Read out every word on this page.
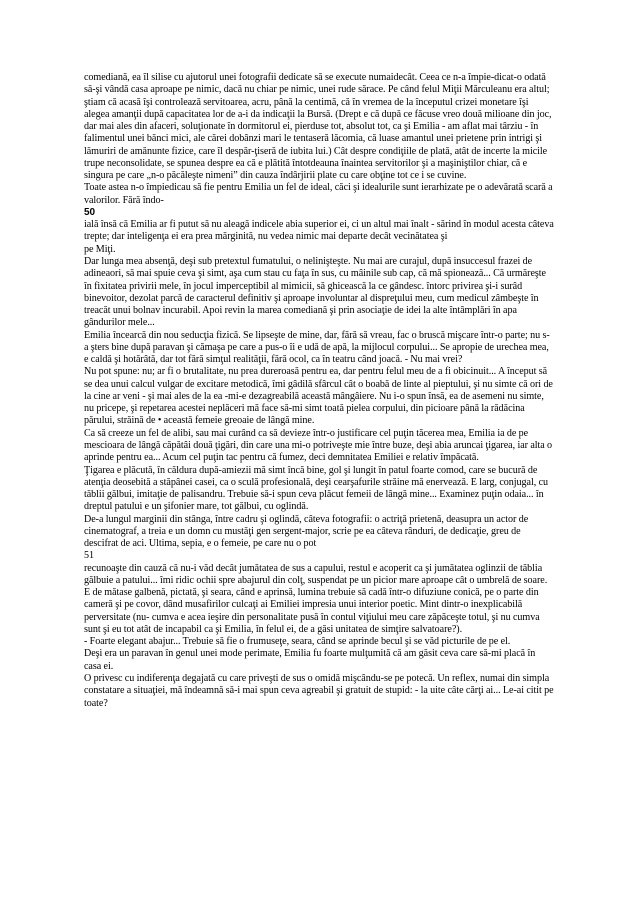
comediană, ea îl silise cu ajutorul unei fotografii dedicate să se execute numaidecât. Ceea ce n-a împie-dicat-o odată să-şi vândă casa aproape pe nimic, dacă nu chiar pe nimic, unei rude sărace. Pe când felul Miţii Mărculeanu era altul; ştiam că acasă îşi controlează servitoarea, acru, până la centimă, că în vremea de la începutul crizei monetare îşi alegea amanţii după capacitatea lor de a-i da indicaţii la Bursă. (Drept e că după ce făcuse vreo două milioane din joc, dar mai ales din afaceri, soluţionate în dormitorul ei, pierduse tot, absolut tot, ca şi Emilia - am aflat mai târziu - în falimentul unei bănci mici, ale cărei dobânzi mari le tentaseră lăcomia, că luase amantul unei prietene prin intrigi şi lămuriri de amănunte fizice, care îl despăr-ţiseră de iubita lui.) Cât despre condiţiile de plată, atât de incerte la micile trupe neconsolidate, se spunea despre ea că e plătită întotdeauna înaintea servitorilor şi a maşiniştilor chiar, că e singura pe care „n-o păcăleşte nimeni” din cauza îndârjirii plate cu care obţine tot ce i se cuvine.

Toate astea n-o împiedicau să fie pentru Emilia un fel de ideal, căci şi idealurile sunt ierarhizate pe o adevărată scară a valorilor. Fără îndo-

50

ială însă că Emilia ar fi putut să nu aleagă indicele abia superior ei, ci un altul mai înalt - sărind în modul acesta câteva trepte; dar inteligenţa ei era prea mărginită, nu vedea nimic mai departe decât vecinătatea şi

pe Miţi.

Dar lunga mea absenţă, deşi sub pretextul fumatului, o nelinişteşte. Nu mai are curajul, după insuccesul frazei de adineaori, să mai spuie ceva şi simt, aşa cum stau cu faţa în sus, cu mâinile sub cap, că mă spionează... Că urmăreşte în fixitatea privirii mele, în jocul imperceptibil al mimicii, să ghicească la ce gândesc. întorc privirea şi-i surâd binevoitor, dezolat parcă de caracterul definitiv şi aproape involuntar al dispreţului meu, cum medicul zâmbeşte în treacăt unui bolnav incurabil. Apoi revin la marea comediană şi prin asociaţie de idei la alte întâmplări în apa gândurilor mele...

Emilia încearcă din nou seducţia fizică. Se lipseşte de mine, dar, fără să vreau, fac o bruscă mişcare într-o parte; nu s-a şters bine după paravan şi cămaşa pe care a pus-o îi e udă de apă, la mijlocul corpului... Se apropie de urechea mea, e caldă şi hotărâtă, dar tot fără simţul realităţii, fără ocol, ca în teatru când joacă. - Nu mai vrei?

Nu pot spune: nu; ar fi o brutalitate, nu prea dureroasă pentru ea, dar pentru felul meu de a fi obicinuit... A început să se dea unui calcul vulgar de excitare metodică, îmi gâdilă sfârcul cât o boabă de linte al pieptului, şi nu simte că ori de la cine ar veni - şi mai ales de la ea -mi-e dezagreabilă această mângâiere. Nu i-o spun însă, ea de asemeni nu simte, nu pricepe, şi repetarea acestei neplăceri mă face să-mi simt toată pielea corpului, din picioare până la rădăcina părului, străină de • această femeie greoaie de lângă mine.

Ca să creeze un fel de alibi, sau mai curând ca să devieze într-o justificare cel puţin tăcerea mea, Emilia ia de pe mescioara de lângă căpătâi două ţigări, din care una mi-o potriveşte mie între buze, deşi abia aruncai ţigarea, iar alta o aprinde pentru ea... Acum cel puţin tac pentru că fumez, deci demnitatea Emiliei e relativ împăcată.

Ţigarea e plăcută, în căldura după-amiezii mă simt încă bine, gol şi lungit în patul foarte comod, care se bucură de atenţia deosebită a stăpânei casei, ca o sculă profesională, deşi cearşafurile străine mă enervează. E larg, conjugal, cu tăblii gălbui, imitaţie de palisandru. Trebuie să-i spun ceva plăcut femeii de lângă mine... Examinez puţin odaia... în dreptul patului e un şifonier mare, tot gălbui, cu oglindă.

De-a lungul marginii din stânga, între cadru şi oglindă, câteva fotografii: o actriţă prietenă, deasupra un actor de cinematograf, a treia e un domn cu mustăţi gen sergent-major, scrie pe ea câteva rânduri, de dedicaţie, greu de descifrat de aci. Ultima, sepia, e o femeie, pe care nu o pot

51

recunoaşte din cauză că nu-i văd decât jumătatea de sus a capului, restul e acoperit ca şi jumătatea oglinzii de tăblia gălbuie a patului... îmi ridic ochii spre abajurul din colţ, suspendat pe un picior mare aproape cât o umbrelă de soare. E de mătase galbenă, pictată, şi seara, când e aprinsă, lumina trebuie să cadă într-o difuziune conică, pe o parte din cameră şi pe covor, dând musafirilor culcaţi ai Emiliei impresia unui interior poetic. Mint dintr-o inexplicabilă perversitate (nu- cumva e acea ieşire din personalitate pusă în contul viţiului meu care zăpăceşte totul, şi nu cumva sunt şi eu tot atât de incapabil ca şi Emilia, în felul ei, de a găsi unitatea de simţire salvatoare?).

- Foarte elegant abajur... Trebuie să fie o frumuseţe, seara, când se aprinde becul şi se văd picturile de pe el.

Deşi era un paravan în genul unei mode perimate, Emilia fu foarte mulţumită că am găsit ceva care să-mi placă în casa ei.

O privesc cu indiferenţa degajată cu care priveşti de sus o omidă mişcându-se pe potecă. Un reflex, numai din simpla constatare a situaţiei, mă îndeamnă să-i mai spun ceva agreabil şi gratuit de stupid: - la uite câte cărţi ai... Le-ai citit pe toate?
